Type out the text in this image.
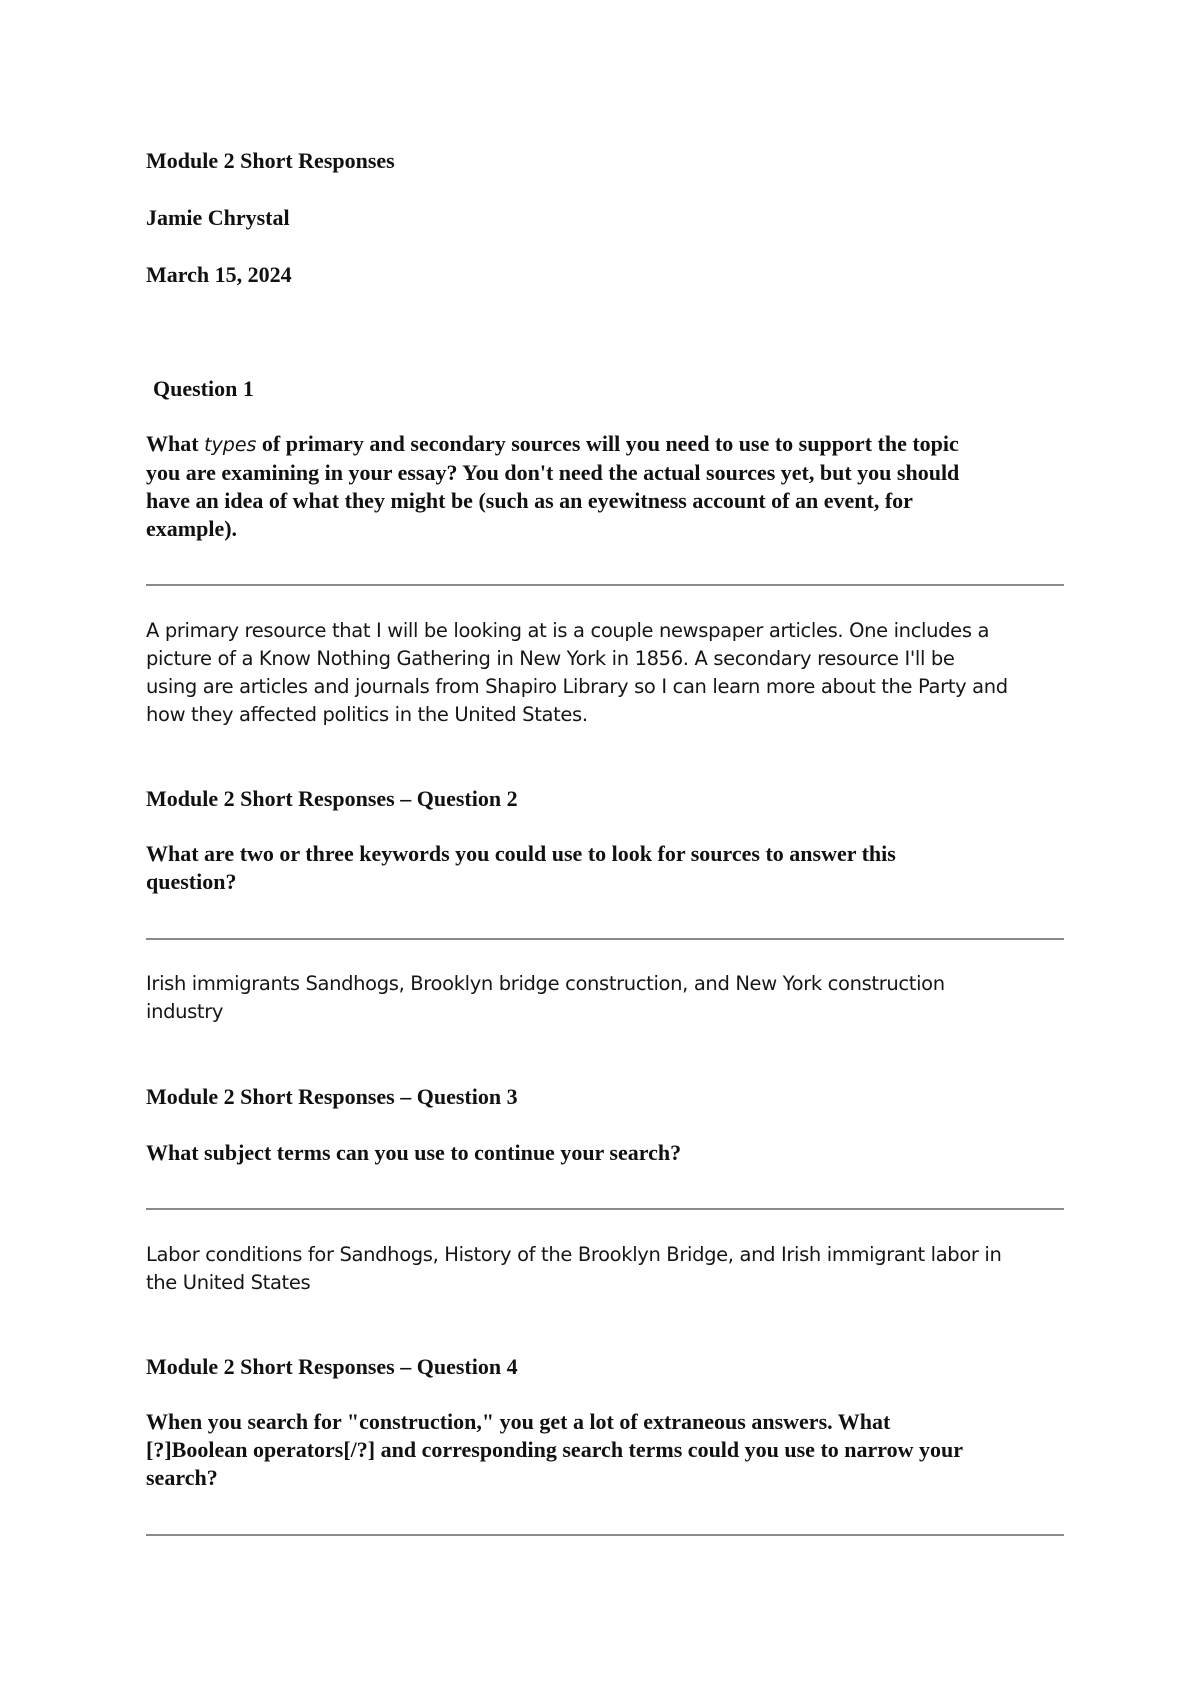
Module 2 Short Responses
Jamie Chrystal
March 15, 2024
Question 1
What types of primary and secondary sources will you need to use to support the topic
you are examining in your essay? You don't need the actual sources yet, but you should
have an idea of what they might be (such as an eyewitness account of an event, for
example).
A primary resource that I will be looking at is a couple newspaper articles. One includes a
picture of a Know Nothing Gathering in New York in 1856. A secondary resource I'll be
using are articles and journals from Shapiro Library so I can learn more about the Party and
how they affected politics in the United States.
Module 2 Short Responses – Question 2
What are two or three keywords you could use to look for sources to answer this
question?
Irish immigrants Sandhogs, Brooklyn bridge construction, and New York construction
industry
Module 2 Short Responses – Question 3
What subject terms can you use to continue your search?
Labor conditions for Sandhogs, History of the Brooklyn Bridge, and Irish immigrant labor in
the United States
Module 2 Short Responses – Question 4
When you search for "construction," you get a lot of extraneous answers. What
[?]Boolean operators[/?] and corresponding search terms could you use to narrow your
search?
